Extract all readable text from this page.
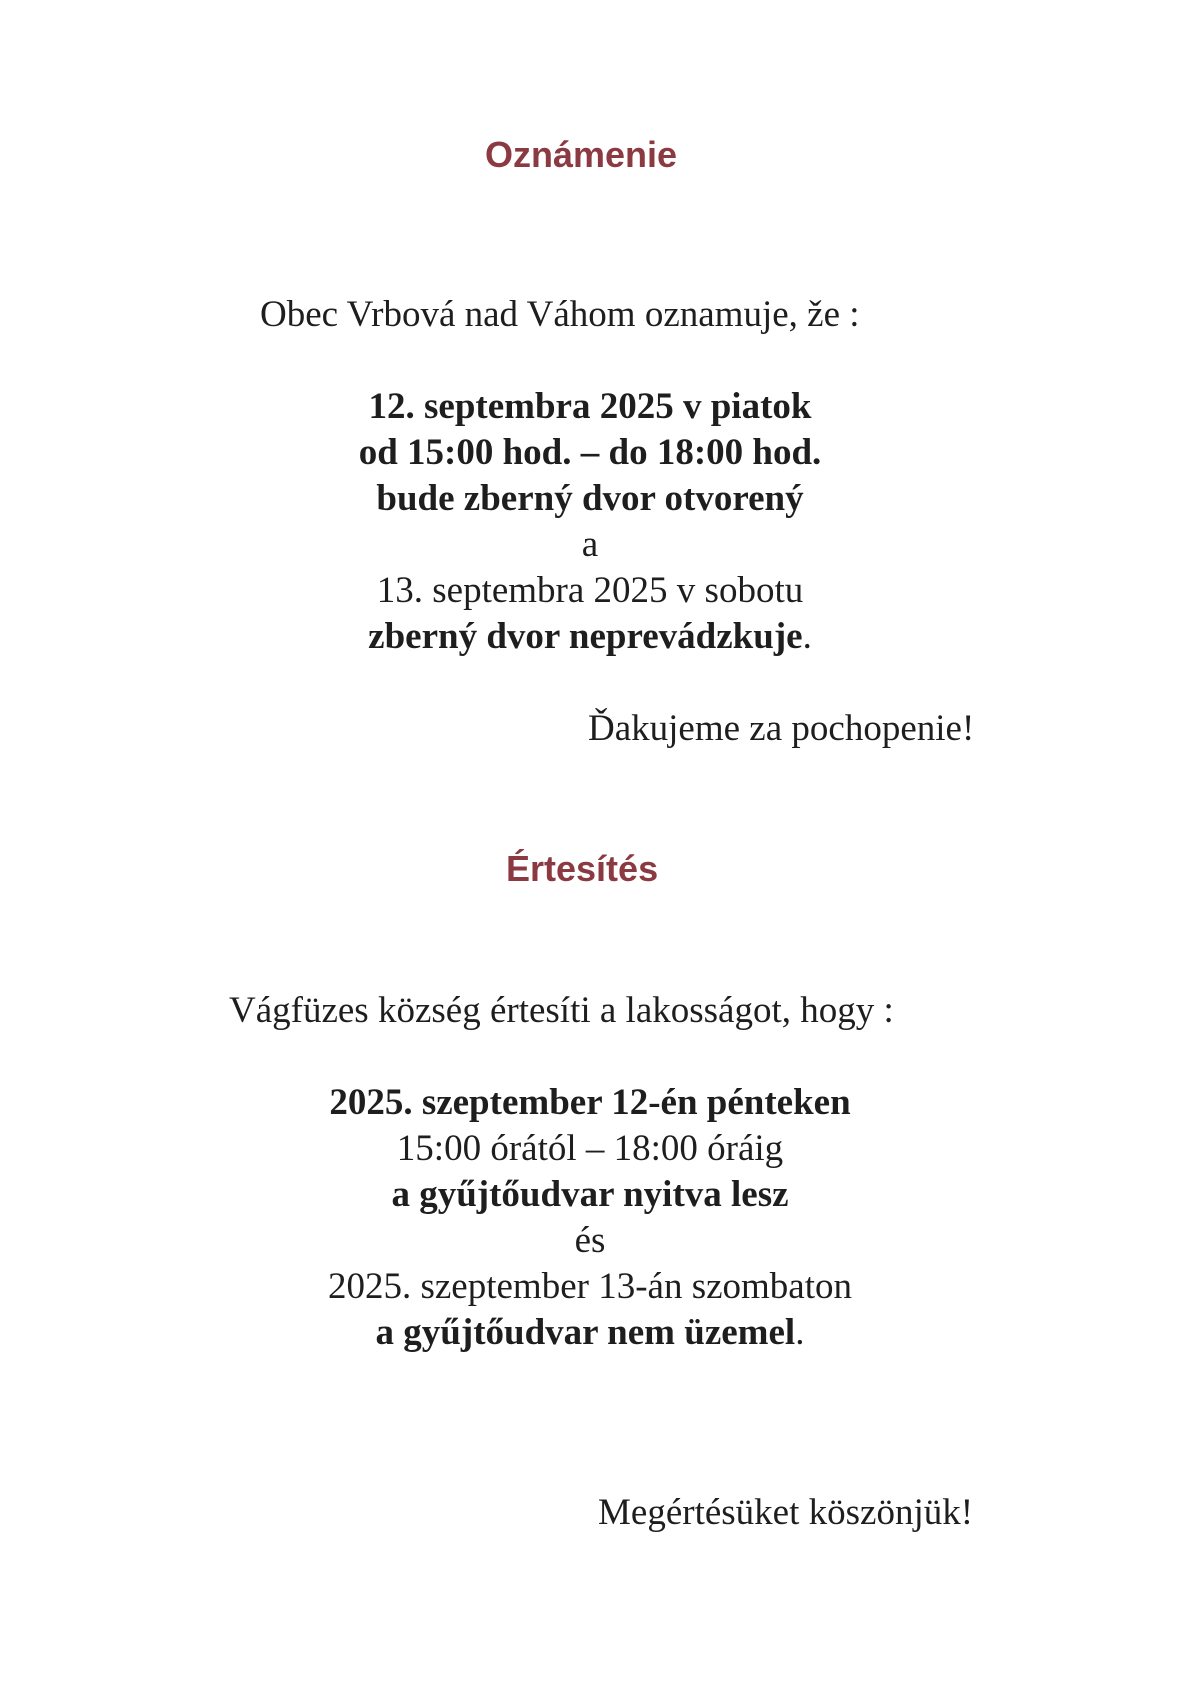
Oznámenie
Obec Vrbová nad Váhom oznamuje, že :
12. septembra 2025 v piatok
od 15:00 hod. – do 18:00 hod.
bude zberný dvor otvorený
a
13. septembra 2025 v sobotu
zberný dvor neprevádzkuje.
Ďakujeme za pochopenie!
Értesítés
Vágfüzes község értesíti a lakosságot, hogy :
2025. szeptember 12-én pénteken
15:00 órától – 18:00 óráig
a gyűjtőudvar nyitva lesz
és
2025. szeptember 13-án szombaton
a gyűjtőudvar nem üzemel.
Megértésüket köszönjük!
